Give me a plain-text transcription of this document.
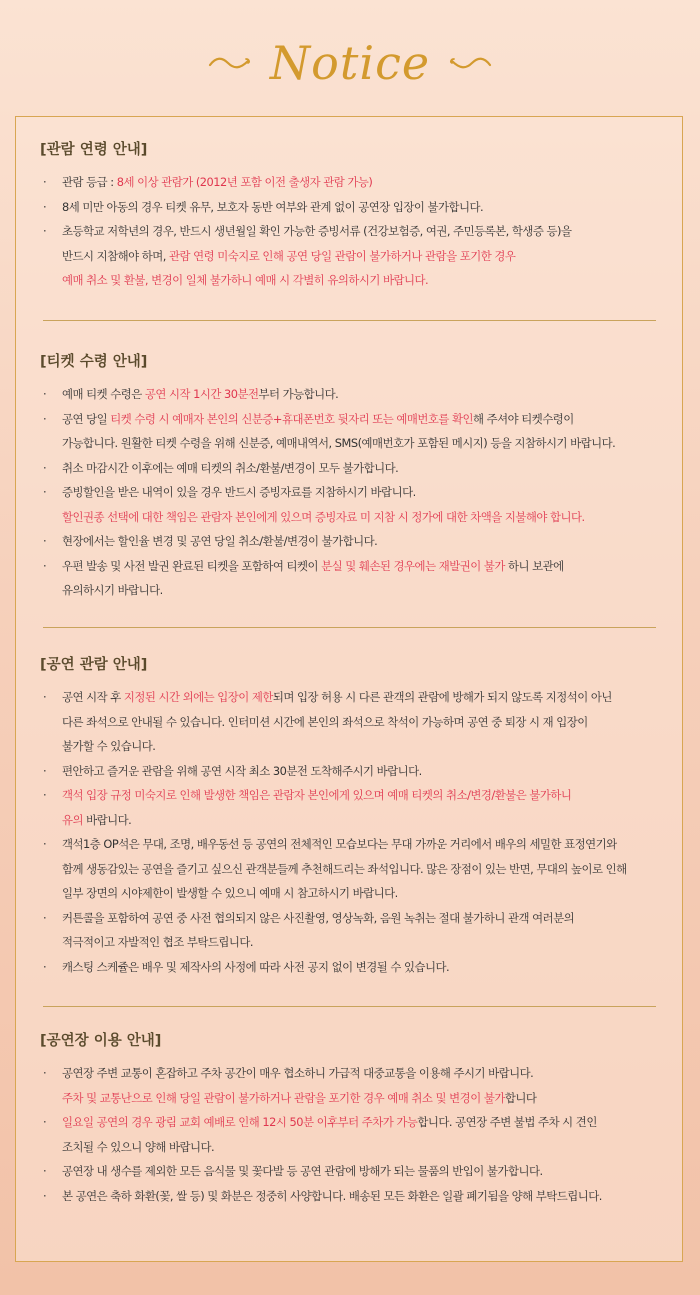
Notice
[관람 연령 안내]
· 관람 등급 : 8세 이상 관람가 (2012년 포함 이전 출생자 관람 가능)
· 8세 미만 아동의 경우 티켓 유무, 보호자 동반 여부와 관계 없이 공연장 입장이 불가합니다.
· 초등학교 저학년의 경우, 반드시 생년월일 확인 가능한 증빙서류 (건강보험증, 여권, 주민등록본, 학생증 등)을
반드시 지참해야 하며, 관람 연령 미숙지로 인해 공연 당일 관람이 불가하거나 관람을 포기한 경우
예매 취소 및 환불, 변경이 일체 불가하니 예매 시 각별히 유의하시기 바랍니다.
[티켓 수령 안내]
· 예매 티켓 수령은 공연 시작 1시간 30분전부터 가능합니다.
· 공연 당일 티켓 수령 시 예매자 본인의 신분증+휴대폰번호 뒷자리 또는 예매번호를 확인해 주셔야 티켓수령이
가능합니다. 원활한 티켓 수령을 위해 신분증, 예매내역서, SMS(예매번호가 포함된 메시지) 등을 지참하시기 바랍니다.
· 취소 마감시간 이후에는 예매 티켓의 취소/환불/변경이 모두 불가합니다.
· 증빙할인을 받은 내역이 있을 경우 반드시 증빙자료를 지참하시기 바랍니다.
할인권종 선택에 대한 책임은 관람자 본인에게 있으며 증빙자료 미 지참 시 정가에 대한 차액을 지불해야 합니다.
· 현장에서는 할인율 변경 및 공연 당일 취소/환불/변경이 불가합니다.
· 우편 발송 및 사전 발권 완료된 티켓을 포함하여 티켓이 분실 및 훼손된 경우에는 재발권이 불가 하니 보관에
유의하시기 바랍니다.
[공연 관람 안내]
· 공연 시작 후 지정된 시간 외에는 입장이 제한되며 입장 허용 시 다른 관객의 관람에 방해가 되지 않도록 지정석이 아닌
다른 좌석으로 안내될 수 있습니다. 인터미션 시간에 본인의 좌석으로 착석이 가능하며 공연 중 퇴장 시 재 입장이
불가할 수 있습니다.
· 편안하고 즐거운 관람을 위해 공연 시작 최소 30분전 도착해주시기 바랍니다.
· 객석 입장 규정 미숙지로 인해 발생한 책임은 관람자 본인에게 있으며 예매 티켓의 취소/변경/환불은 불가하니
유의 바랍니다.
· 객석1층 OP석은 무대, 조명, 배우동선 등 공연의 전체적인 모습보다는 무대 가까운 거리에서 배우의 세밀한 표정연기와
함께 생동감있는 공연을 즐기고 싶으신 관객분들께 추천해드리는 좌석입니다. 많은 장점이 있는 반면, 무대의 높이로 인해
일부 장면의 시야제한이 발생할 수 있으니 예매 시 참고하시기 바랍니다.
· 커튼콜을 포함하여 공연 중 사전 협의되지 않은 사진촬영, 영상녹화, 음원 녹취는 절대 불가하니 관객 여러분의
적극적이고 자발적인 협조 부탁드립니다.
· 캐스팅 스케쥴은 배우 및 제작사의 사정에 따라 사전 공지 없이 변경될 수 있습니다.
[공연장 이용 안내]
· 공연장 주변 교통이 혼잡하고 주차 공간이 매우 협소하니 가급적 대중교통을 이용해 주시기 바랍니다.
주차 및 교통난으로 인해 당일 관람이 불가하거나 관람을 포기한 경우 예매 취소 및 변경이 불가합니다
· 일요일 공연의 경우 광림 교회 예배로 인해 12시 50분 이후부터 주차가 가능합니다. 공연장 주변 불법 주차 시 견인
조치될 수 있으니 양해 바랍니다.
· 공연장 내 생수를 제외한 모든 음식물 및 꽃다발 등 공연 관람에 방해가 되는 물품의 반입이 불가합니다.
· 본 공연은 축하 화환(꽃, 쌀 등) 및 화분은 정중히 사양합니다. 배송된 모든 화환은 일괄 폐기됨을 양해 부탁드립니다.
